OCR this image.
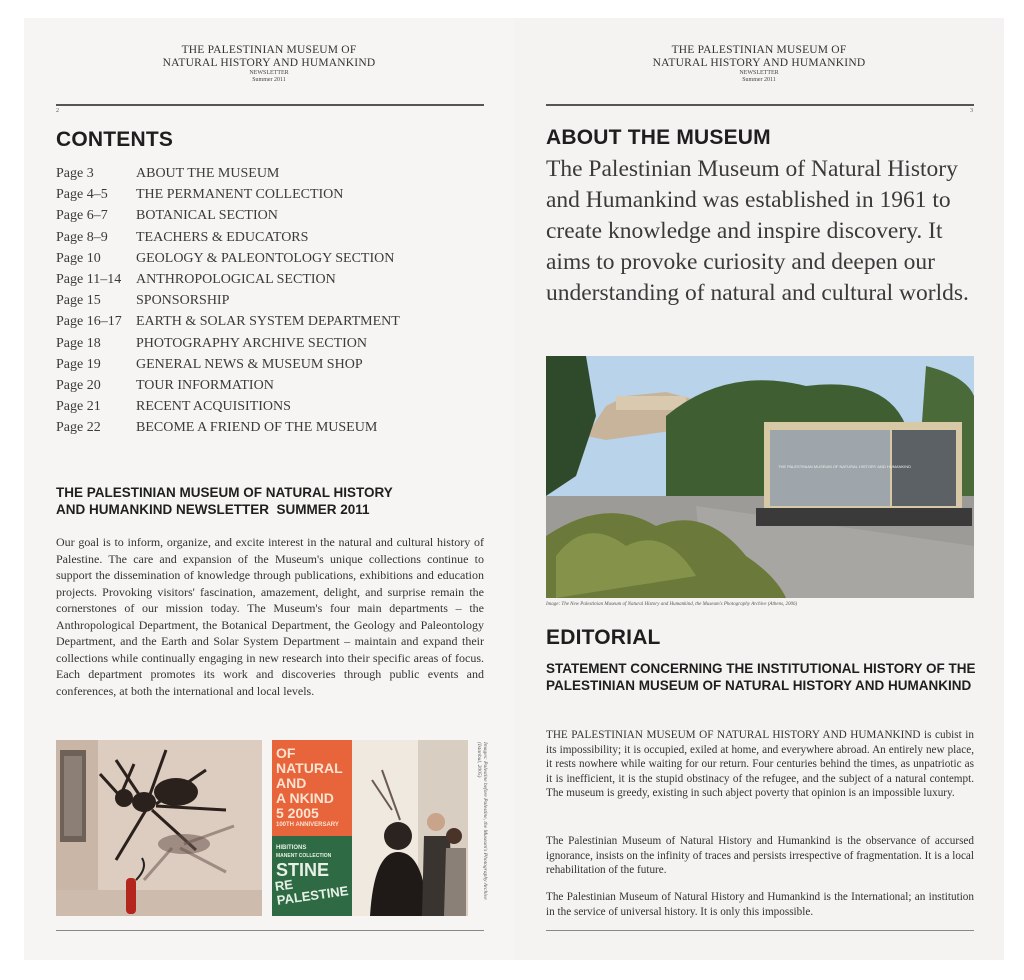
THE PALESTINIAN MUSEUM OF
NATURAL HISTORY AND HUMANKIND
NEWSLETTER
Summer 2011
2
CONTENTS
Page 3	ABOUT THE MUSEUM
Page 4–5	THE PERMANENT COLLECTION
Page 6–7	BOTANICAL SECTION
Page 8–9	TEACHERS & EDUCATORS
Page 10	GEOLOGY & PALEONTOLOGY SECTION
Page 11–14	ANTHROPOLOGICAL SECTION
Page 15	SPONSORSHIP
Page 16–17	EARTH & SOLAR SYSTEM DEPARTMENT
Page 18	PHOTOGRAPHY ARCHIVE SECTION
Page 19	GENERAL NEWS & MUSEUM SHOP
Page 20	TOUR INFORMATION
Page 21	RECENT ACQUISITIONS
Page 22	BECOME A FRIEND OF THE MUSEUM
THE PALESTINIAN MUSEUM OF NATURAL HISTORY
AND HUMANKIND NEWSLETTER  SUMMER 2011
Our goal is to inform, organize, and excite interest in the natural and cultural history of Palestine. The care and expansion of the Museum's unique collections continue to support the dissemination of knowledge through publications, exhibitions and education projects. Provoking visitors' fascination, amazement, delight, and surprise remain the cornerstones of our mission today. The Museum's four main departments – the Anthropological Department, the Botanical Department, the Geology and Paleontology Department, and the Earth and Solar System Department – maintain and expand their collections while continually engaging in new research into their specific areas of focus. Each department promotes its work and discoveries through public events and conferences, at both the international and local levels.
OF NATURAL
AND
A NKIND
5 2005
100TH ANNIVERSARY
HIBITIONS
MANENT COLLECTION
STINE
RE PALESTINE	Images: Palestine before Palestine, the Museum's Photography Archive (Istanbul, 2005)
THE PALESTINIAN MUSEUM OF
NATURAL HISTORY AND HUMANKIND
NEWSLETTER
Summer 2011
3
ABOUT THE MUSEUM
The Palestinian Museum of Natural History and Humankind was established in 1961 to create knowledge and inspire discovery. It aims to provoke curiosity and deepen our understanding of natural and cultural worlds.
THE PALESTINIAN MUSEUM OF NATURAL HISTORY AND HUMANKIND
Image: The New Palestinian Museum of Natural History and Humankind, the Museum's Photography Archive (Athens, 2006)
EDITORIAL
STATEMENT CONCERNING THE INSTITUTIONAL HISTORY OF THE PALESTINIAN MUSEUM OF NATURAL HISTORY AND HUMANKIND
THE PALESTINIAN MUSEUM OF NATURAL HISTORY AND HUMANKIND is cubist in its impossibility; it is occupied, exiled at home, and everywhere abroad. An entirely new place, it rests nowhere while waiting for our return. Four centuries behind the times, as unpatriotic as it is inefficient, it is the stupid obstinacy of the refugee, and the subject of a natural contempt. The museum is greedy, existing in such abject poverty that opinion is an impossible luxury.
The Palestinian Museum of Natural History and Humankind is the observance of accursed ignorance, insists on the infinity of traces and persists irrespective of fragmentation. It is a local rehabilitation of the future.
The Palestinian Museum of Natural History and Humankind is the International; an institution in the service of universal history. It is only this impossible.
